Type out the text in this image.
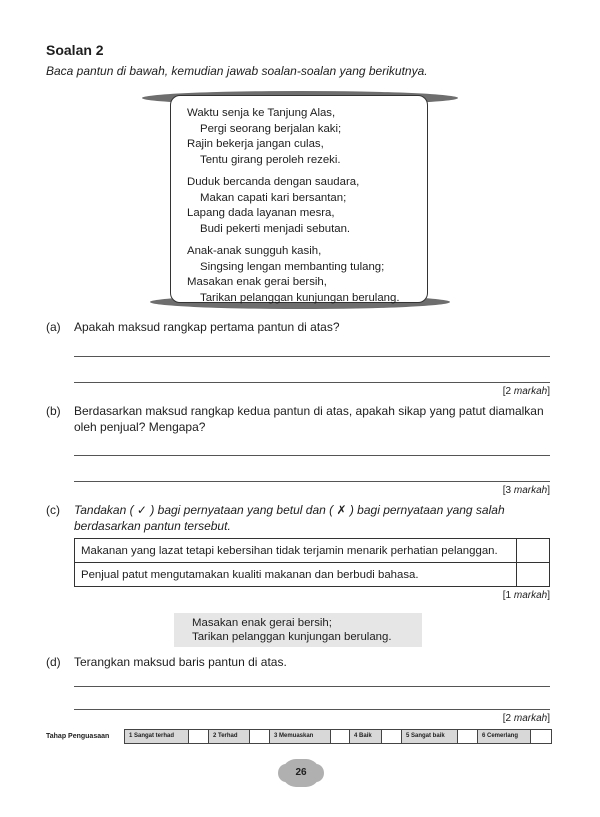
Soalan 2
Baca pantun di bawah, kemudian jawab soalan-soalan yang berikutnya.
Waktu senja ke Tanjung Alas,
Pergi seorang berjalan kaki;
Rajin bekerja jangan culas,
Tentu girang peroleh rezeki.
Duduk bercanda dengan saudara,
Makan capati kari bersantan;
Lapang dada layanan mesra,
Budi pekerti menjadi sebutan.
Anak-anak sungguh kasih,
Singsing lengan membanting tulang;
Masakan enak gerai bersih,
Tarikan pelanggan kunjungan berulang.
(a) Apakah maksud rangkap pertama pantun di atas?
[2 markah]
(b) Berdasarkan maksud rangkap kedua pantun di atas, apakah sikap yang patut diamalkan oleh penjual? Mengapa?
[3 markah]
(c) Tandakan ( ✓ ) bagi pernyataan yang betul dan ( ✗ ) bagi pernyataan yang salah berdasarkan pantun tersebut.
Makanan yang lazat tetapi kebersihan tidak terjamin menarik perhatian pelanggan.	
Penjual patut mengutamakan kualiti makanan dan berbudi bahasa.	
[1 markah]
Masakan enak gerai bersih;
Tarikan pelanggan kunjungan berulang.
(d) Terangkan maksud baris pantun di atas.
[2 markah]
Tahap Penguasaan	1 Sangat terhad	2 Terhad	3 Memuaskan	4 Baik	5 Sangat baik	6 Cemerlang
26
